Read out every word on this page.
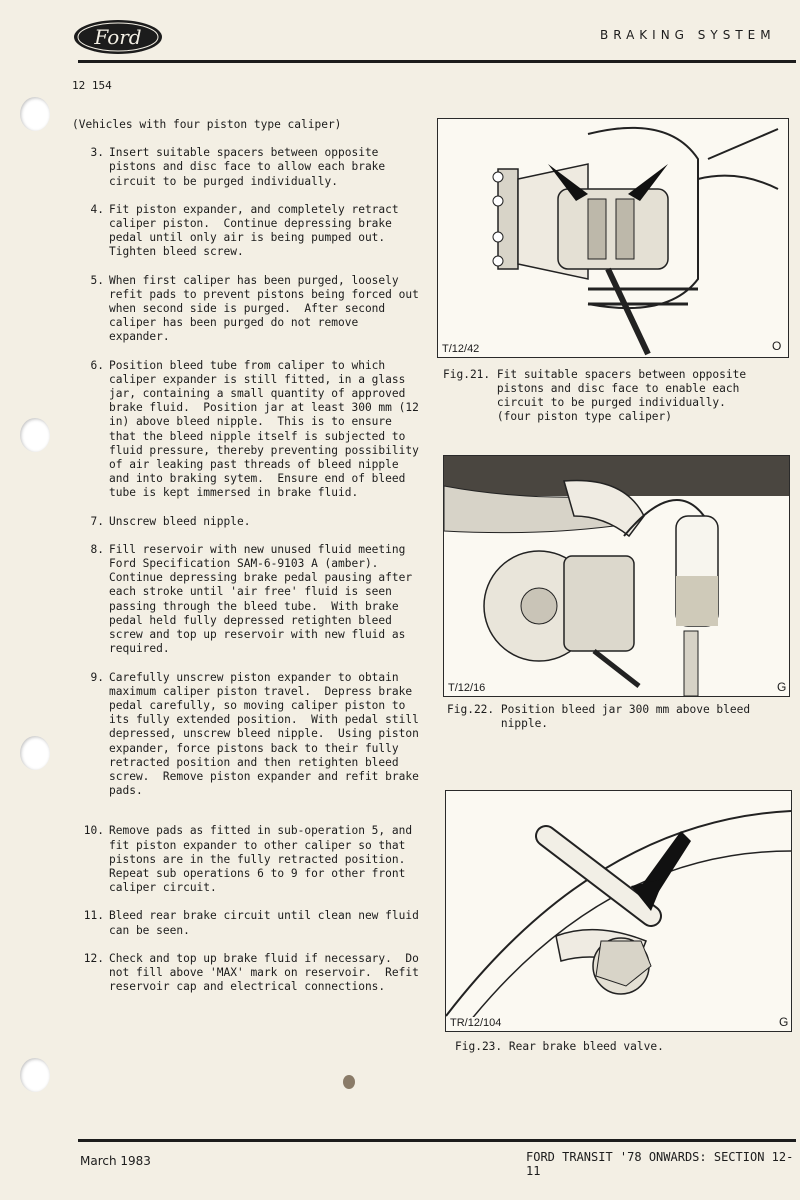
Ford	BRAKING SYSTEM
12 154
(Vehicles with four piston type caliper)
3. Insert suitable spacers between opposite
pistons and disc face to allow each brake
circuit to be purged individually.
4. Fit piston expander, and completely retract
caliper piston.  Continue depressing brake
pedal until only air is being pumped out.
Tighten bleed screw.
5. When first caliper has been purged, loosely
refit pads to prevent pistons being forced out
when second side is purged.  After second
caliper has been purged do not remove
expander.
6. Position bleed tube from caliper to which
caliper expander is still fitted, in a glass
jar, containing a small quantity of approved
brake fluid.  Position jar at least 300 mm (12
in) above bleed nipple.  This is to ensure
that the bleed nipple itself is subjected to
fluid pressure, thereby preventing possibility
of air leaking past threads of bleed nipple
and into braking sytem.  Ensure end of bleed
tube is kept immersed in brake fluid.
7. Unscrew bleed nipple.
8. Fill reservoir with new unused fluid meeting
Ford Specification SAM-6-9103 A (amber).
Continue depressing brake pedal pausing after
each stroke until 'air free' fluid is seen
passing through the bleed tube.  With brake
pedal held fully depressed retighten bleed
screw and top up reservoir with new fluid as
required.
9. Carefully unscrew piston expander to obtain
maximum caliper piston travel.  Depress brake
pedal carefully, so moving caliper piston to
its fully extended position.  With pedal still
depressed, unscrew bleed nipple.  Using piston
expander, force pistons back to their fully
retracted position and then retighten bleed
screw.  Remove piston expander and refit brake
pads.
10. Remove pads as fitted in sub-operation 5, and
fit piston expander to other caliper so that
pistons are in the fully retracted position.
Repeat sub operations 6 to 9 for other front
caliper circuit.
11. Bleed rear brake circuit until clean new fluid
can be seen.
12. Check and top up brake fluid if necessary.  Do
not fill above 'MAX' mark on reservoir.  Refit
reservoir cap and electrical connections.
T/12/42	O
Fig.21. Fit suitable spacers between opposite
pistons and disc face to enable each
circuit to be purged individually.
(four piston type caliper)
T/12/16	G
Fig.22. Position bleed jar 300 mm above bleed
nipple.
TR/12/104	G
Fig.23. Rear brake bleed valve.
March 1983	FORD TRANSIT '78 ONWARDS: SECTION 12-11
